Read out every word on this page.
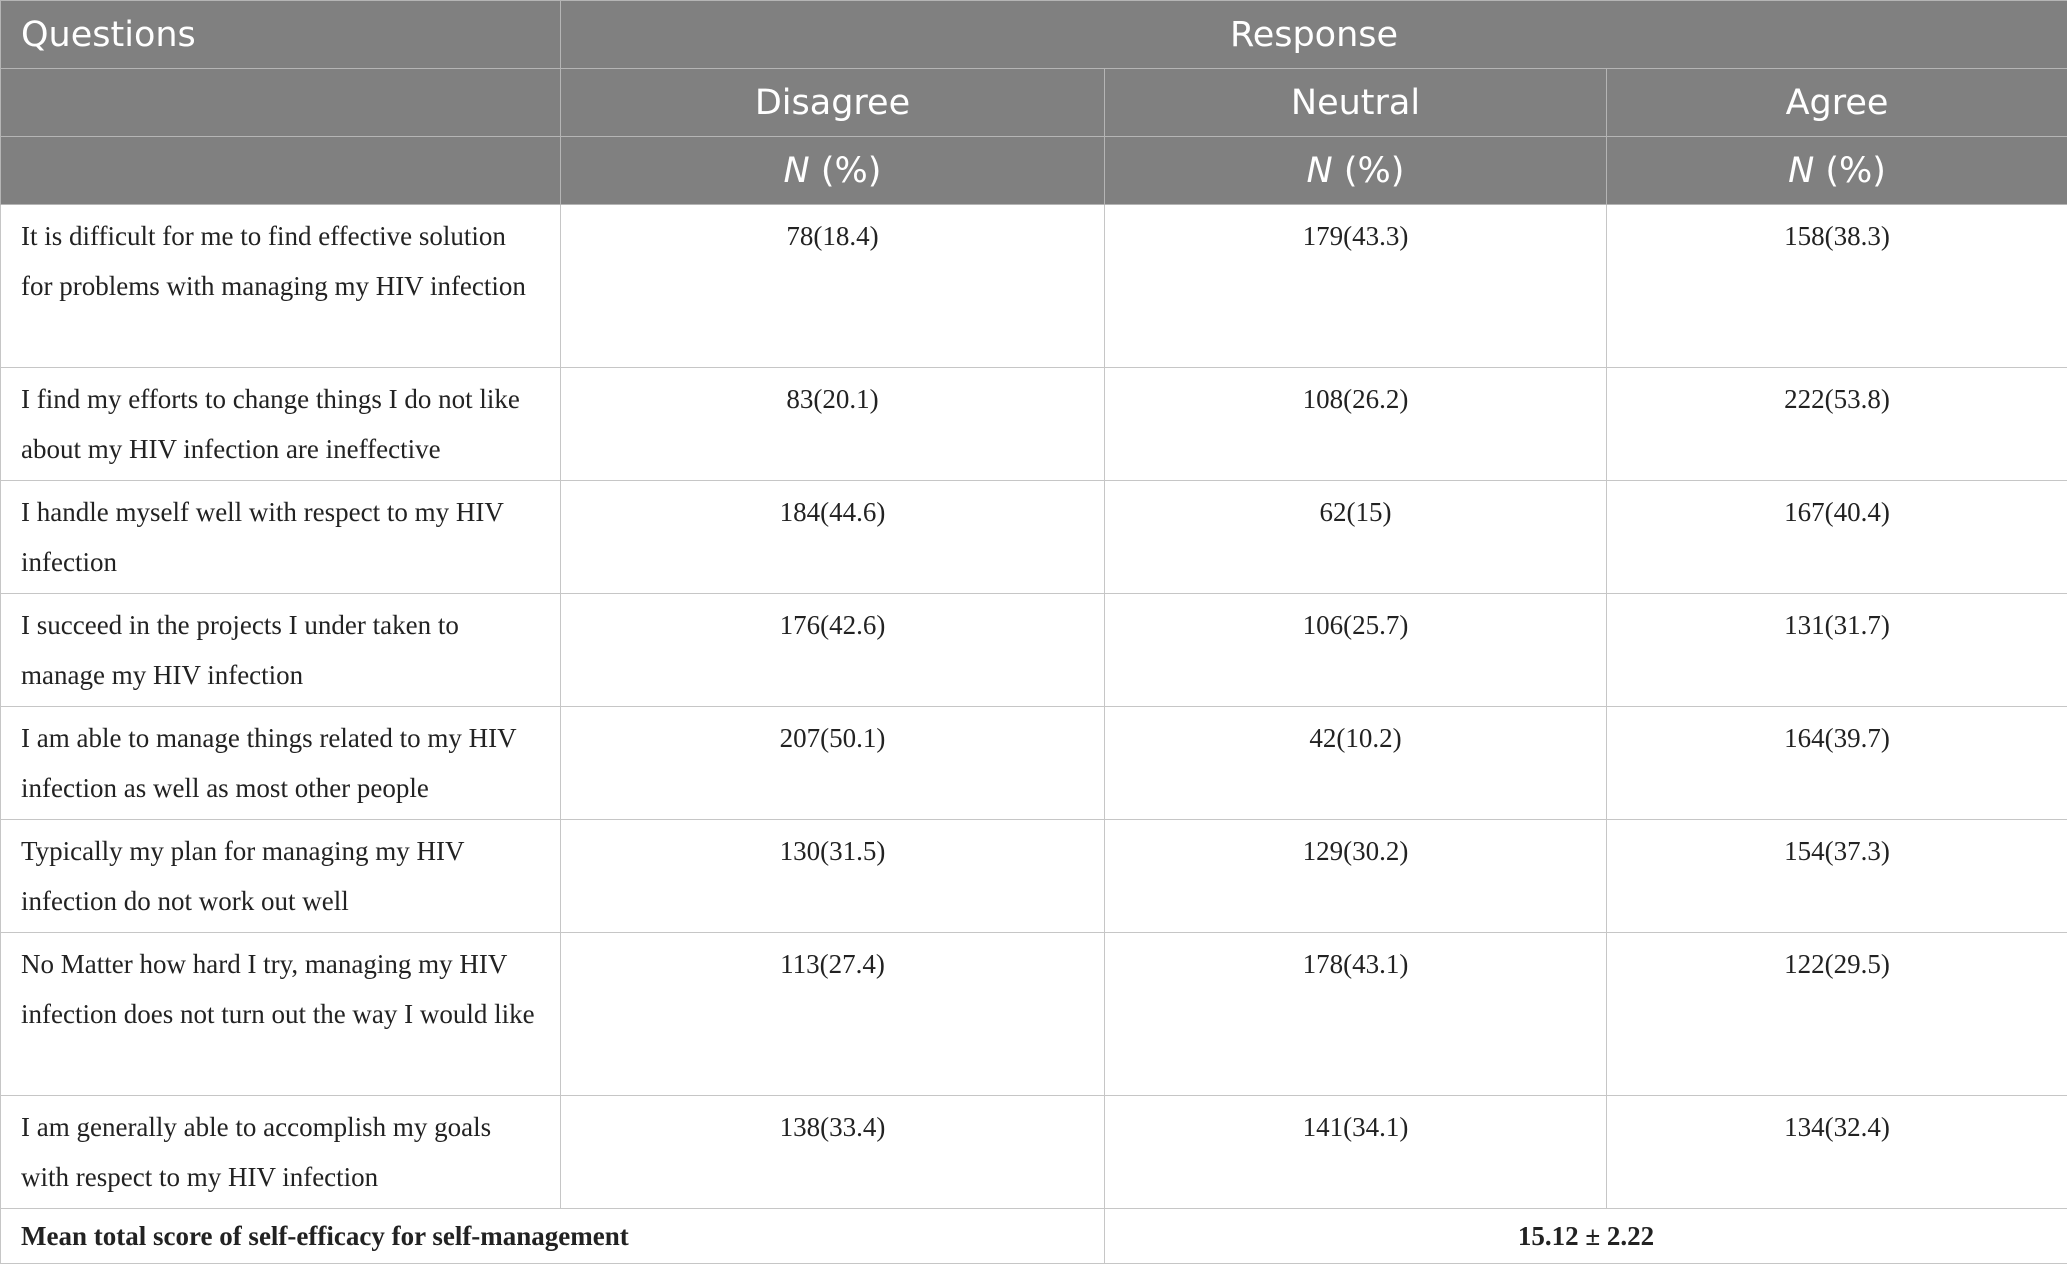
Questions	Response		
	Disagree	Neutral	Agree
	N (%)	N (%)	N (%)
It is difficult for me to find effective solution for problems with managing my HIV infection	78(18.4)	179(43.3)	158(38.3)
I find my efforts to change things I do not like about my HIV infection are ineffective	83(20.1)	108(26.2)	222(53.8)
I handle myself well with respect to my HIV infection	184(44.6)	62(15)	167(40.4)
I succeed in the projects I under taken to manage my HIV infection	176(42.6)	106(25.7)	131(31.7)
I am able to manage things related to my HIV infection as well as most other people	207(50.1)	42(10.2)	164(39.7)
Typically my plan for managing my HIV infection do not work out well	130(31.5)	129(30.2)	154(37.3)
No Matter how hard I try, managing my HIV infection does not turn out the way I would like	113(27.4)	178(43.1)	122(29.5)
I am generally able to accomplish my goals with respect to my HIV infection	138(33.4)	141(34.1)	134(32.4)
Mean total score of self-efficacy for self-management		15.12 ± 2.22	
